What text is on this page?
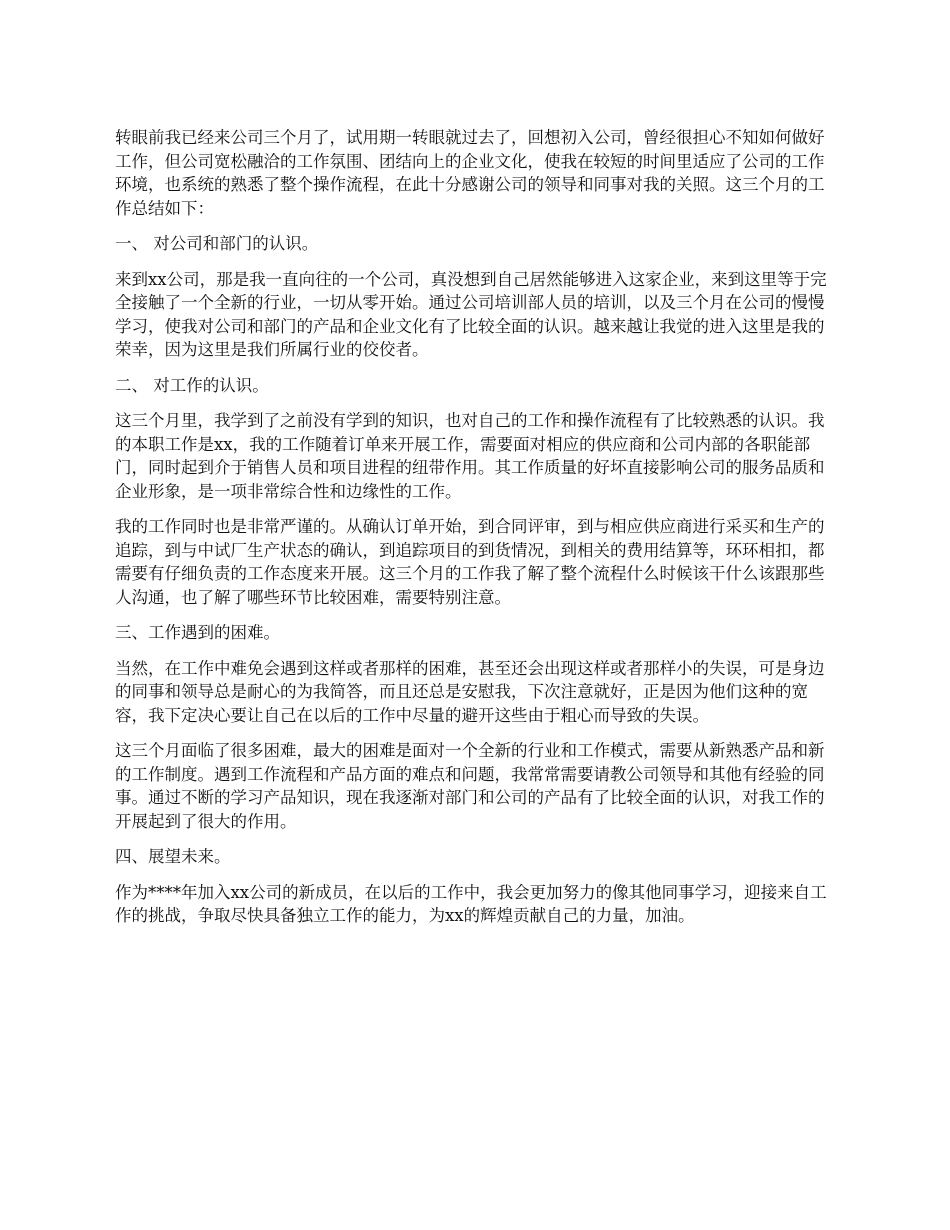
转眼前我已经来公司三个月了，试用期一转眼就过去了，回想初入公司，曾经很担心不知如何做好工作，但公司宽松融洽的工作氛围、团结向上的企业文化，使我在较短的时间里适应了公司的工作环境，也系统的熟悉了整个操作流程，在此十分感谢公司的领导和同事对我的关照。这三个月的工作总结如下：

一、 对公司和部门的认识。

来到xx公司，那是我一直向往的一个公司，真没想到自己居然能够进入这家企业，来到这里等于完全接触了一个全新的行业，一切从零开始。通过公司培训部人员的培训，以及三个月在公司的慢慢学习，使我对公司和部门的产品和企业文化有了比较全面的认识。越来越让我觉的进入这里是我的荣幸，因为这里是我们所属行业的佼佼者。

二、 对工作的认识。

这三个月里，我学到了之前没有学到的知识，也对自己的工作和操作流程有了比较熟悉的认识。我的本职工作是xx，我的工作随着订单来开展工作，需要面对相应的供应商和公司内部的各职能部门，同时起到介于销售人员和项目进程的纽带作用。其工作质量的好坏直接影响公司的服务品质和企业形象，是一项非常综合性和边缘性的工作。

我的工作同时也是非常严谨的。从确认订单开始，到合同评审，到与相应供应商进行采买和生产的追踪，到与中试厂生产状态的确认，到追踪项目的到货情况，到相关的费用结算等，环环相扣，都需要有仔细负责的工作态度来开展。这三个月的工作我了解了整个流程什么时候该干什么该跟那些人沟通，也了解了哪些环节比较困难，需要特别注意。

三、工作遇到的困难。

当然，在工作中难免会遇到这样或者那样的困难，甚至还会出现这样或者那样小的失误，可是身边的同事和领导总是耐心的为我简答，而且还总是安慰我，下次注意就好，正是因为他们这种的宽容，我下定决心要让自己在以后的工作中尽量的避开这些由于粗心而导致的失误。

这三个月面临了很多困难，最大的困难是面对一个全新的行业和工作模式，需要从新熟悉产品和新的工作制度。遇到工作流程和产品方面的难点和问题，我常常需要请教公司领导和其他有经验的同事。通过不断的学习产品知识，现在我逐渐对部门和公司的产品有了比较全面的认识，对我工作的开展起到了很大的作用。

四、展望未来。

作为****年加入xx公司的新成员，在以后的工作中，我会更加努力的像其他同事学习，迎接来自工作的挑战，争取尽快具备独立工作的能力，为xx的辉煌贡献自己的力量，加油。
